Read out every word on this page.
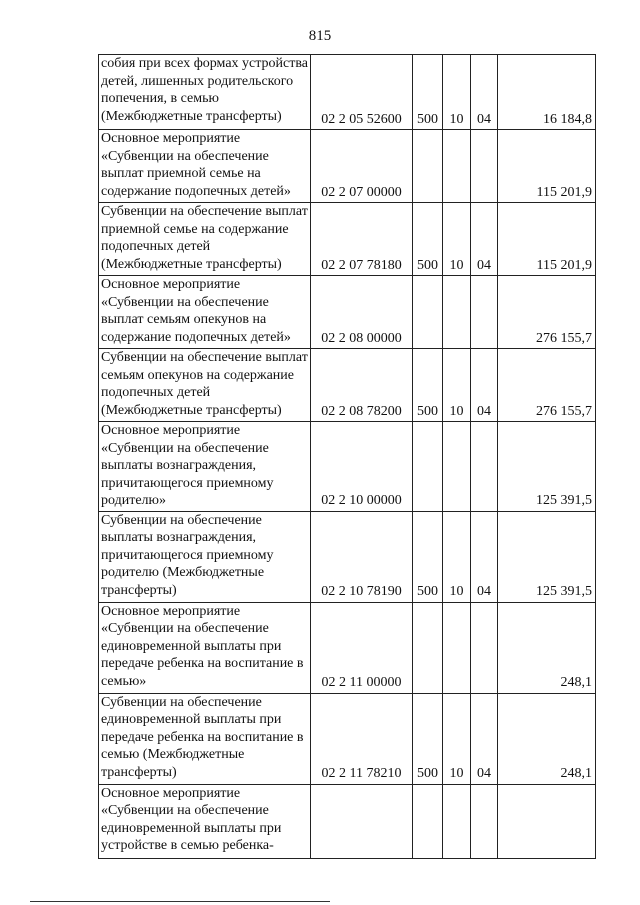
815
собия при всех формах устройства детей, лишенных родительского попечения, в семью (Межбюджетные трансферты)	02 2 05 52600	500	10	04	16 184,8
Основное мероприятие «Субвенции на обеспечение выплат приемной семье на содержание подопечных детей»	02 2 07 00000				115 201,9
Субвенции на обеспечение выплат приемной семье на содержание подопечных детей (Межбюджетные трансферты)	02 2 07 78180	500	10	04	115 201,9
Основное мероприятие «Субвенции на обеспечение выплат семьям опекунов на содержание подопечных детей»	02 2 08 00000				276 155,7
Субвенции на обеспечение выплат семьям опекунов на содержание подопечных детей (Межбюджетные трансферты)	02 2 08 78200	500	10	04	276 155,7
Основное мероприятие «Субвенции на обеспечение выплаты вознаграждения, причитающегося приемному родителю»	02 2 10 00000				125 391,5
Субвенции на обеспечение выплаты вознаграждения, причитающегося приемному родителю (Межбюджетные трансферты)	02 2 10 78190	500	10	04	125 391,5
Основное мероприятие «Субвенции на обеспечение единовременной выплаты при передаче ребенка на воспитание в семью»	02 2 11 00000				248,1
Субвенции на обеспечение единовременной выплаты при передаче ребенка на воспитание в семью (Межбюджетные трансферты)	02 2 11 78210	500	10	04	248,1
Основное мероприятие «Субвенции на обеспечение единовременной выплаты при устройстве в семью ребенка-					
